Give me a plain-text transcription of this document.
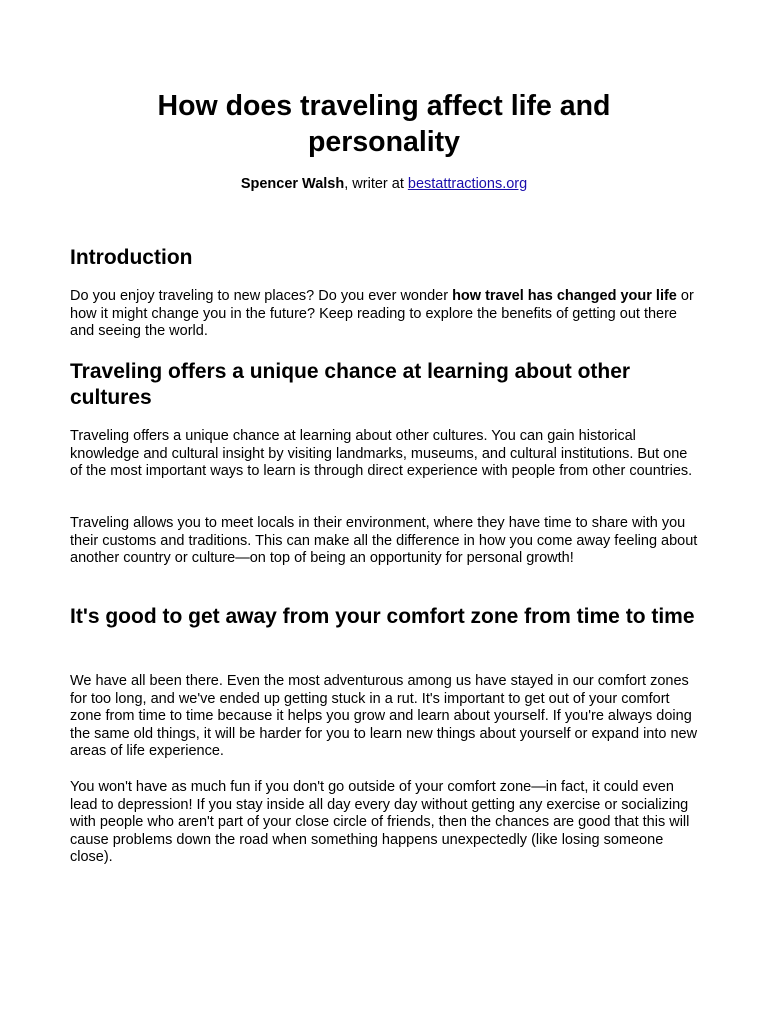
How does traveling affect life and personality
Spencer Walsh, writer at bestattractions.org
Introduction

Do you enjoy traveling to new places? Do you ever wonder how travel has changed your life or how it might change you in the future? Keep reading to explore the benefits of getting out there and seeing the world.

Traveling offers a unique chance at learning about other cultures

Traveling offers a unique chance at learning about other cultures. You can gain historical knowledge and cultural insight by visiting landmarks, museums, and cultural institutions. But one of the most important ways to learn is through direct experience with people from other countries.

Traveling allows you to meet locals in their environment, where they have time to share with you their customs and traditions. This can make all the difference in how you come away feeling about another country or culture—on top of being an opportunity for personal growth!

It's good to get away from your comfort zone from time to time

We have all been there. Even the most adventurous among us have stayed in our comfort zones for too long, and we've ended up getting stuck in a rut. It's important to get out of your comfort zone from time to time because it helps you grow and learn about yourself. If you're always doing the same old things, it will be harder for you to learn new things about yourself or expand into new areas of life experience.

You won't have as much fun if you don't go outside of your comfort zone—in fact, it could even lead to depression! If you stay inside all day every day without getting any exercise or socializing with people who aren't part of your close circle of friends, then the chances are good that this will cause problems down the road when something happens unexpectedly (like losing someone close).
